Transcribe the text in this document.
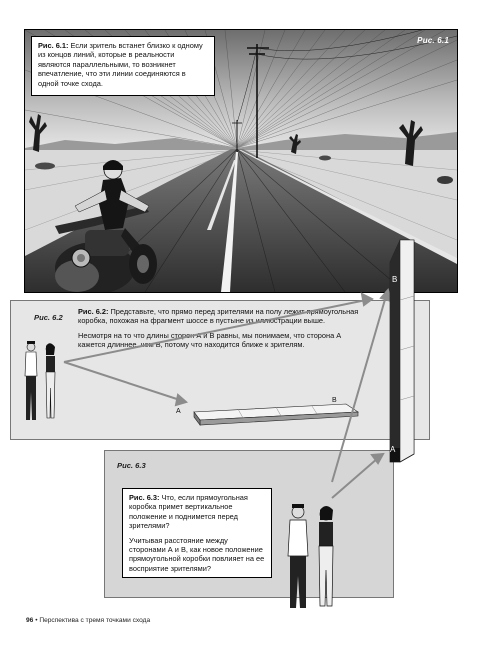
Рис. 6.1: Если зритель встанет близко к одному из концов линий, которые в реальности являются параллельными, то возникнет впечатление, что эти линии соединяются в одной точке схода.

Рис. 6.1
Рис. 6.2

Рис. 6.2: Представьте, что прямо перед зрителями на полу лежит прямоугольная коробка, похожая на фрагмент шоссе в пустыне из иллюстрации выше.

Несмотря на то что длины сторон А и В равны, мы понимаем, что сторона А кажется длиннее, чем В, потому что находится ближе к зрителям.

Рис. 6.3

Рис. 6.3: Что, если прямоугольная коробка примет вертикальное положение и поднимется перед зрителями?

Учитывая расстояние между сторонами А и В, как новое положение прямоугольной коробки повлияет на ее восприятие зрителями?

A
B
B
A
96 • Перспектива с тремя точками схода
